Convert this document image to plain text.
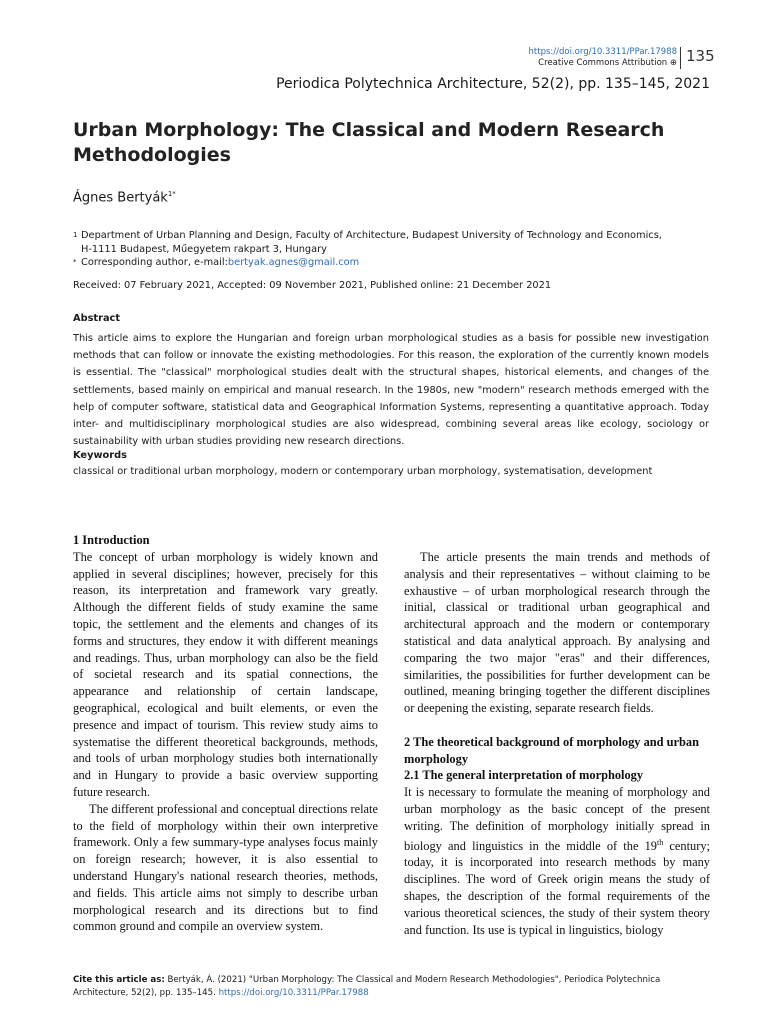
https://doi.org/10.3311/PPar.17988
Creative Commons Attribution ⊕ 135
Periodica Polytechnica Architecture, 52(2), pp. 135–145, 2021
Urban Morphology: The Classical and Modern Research Methodologies
Ágnes Bertyák$^{1*}$
1 Department of Urban Planning and Design, Faculty of Architecture, Budapest University of Technology and Economics,
H-1111 Budapest, Műegyetem rakpart 3, Hungary
* Corresponding author, e-mail: bertyak.agnes@gmail.com
Received: 07 February 2021, Accepted: 09 November 2021, Published online: 21 December 2021
Abstract
This article aims to explore the Hungarian and foreign urban morphological studies as a basis for possible new investigation methods that can follow or innovate the existing methodologies. For this reason, the exploration of the currently known models is essential. The "classical" morphological studies dealt with the structural shapes, historical elements, and changes of the settlements, based mainly on empirical and manual research. In the 1980s, new "modern" research methods emerged with the help of computer software, statistical data and Geographical Information Systems, representing a quantitative approach. Today inter- and multidisciplinary morphological studies are also widespread, combining several areas like ecology, sociology or sustainability with urban studies providing new research directions.
Keywords
classical or traditional urban morphology, modern or contemporary urban morphology, systematisation, development
1 Introduction

The concept of urban morphology is widely known and applied in several disciplines; however, precisely for this reason, its interpretation and framework vary greatly. Although the different fields of study examine the same topic, the settlement and the elements and changes of its forms and structures, they endow it with different meanings and readings. Thus, urban morphology can also be the field of societal research and its spatial connections, the appearance and relationship of certain landscape, geographical, ecological and built elements, or even the presence and impact of tourism. This review study aims to systematise the different theoretical backgrounds, methods, and tools of urban morphology studies both internationally and in Hungary to provide a basic overview supporting future research.

The different professional and conceptual directions relate to the field of morphology within their own interpretive framework. Only a few summary-type analyses focus mainly on foreign research; however, it is also essential to understand Hungary's national research theories, methods, and fields. This article aims not simply to describe urban morphological research and its directions but to find common ground and compile an overview system.

The article presents the main trends and methods of analysis and their representatives – without claiming to be exhaustive – of urban morphological research through the initial, classical or traditional urban geographical and architectural approach and the modern or contemporary statistical and data analytical approach. By analysing and comparing the two major "eras" and their differences, similarities, the possibilities for further development can be outlined, meaning bringing together the different disciplines or deepening the existing, separate research fields.

2 The theoretical background of morphology and urban morphology
2.1 The general interpretation of morphology

It is necessary to formulate the meaning of morphology and urban morphology as the basic concept of the present writing. The definition of morphology initially spread in biology and linguistics in the middle of the 19th century; today, it is incorporated into research methods by many disciplines. The word of Greek origin means the study of shapes, the description of the formal requirements of the various theoretical sciences, the study of their system theory and function. Its use is typical in linguistics, biology

Cite this article as: Bertyák, Á. (2021) "Urban Morphology: The Classical and Modern Research Methodologies", Periodica Polytechnica Architecture, 52(2), pp. 135–145. https://doi.org/10.3311/PPar.17988
